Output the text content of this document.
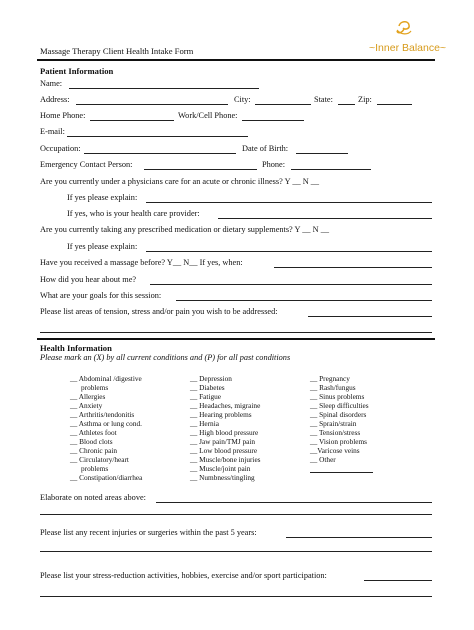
Massage Therapy Client Health Intake Form	~Inner Balance~
Patient Information
Name:
Address:	City:	State:	Zip:
Home Phone:	Work/Cell Phone:
E-mail:
Occupation:	Date of Birth:
Emergency Contact Person:	Phone:
Are you currently under a physicians care for an acute or chronic illness? Y __ N __
If yes please explain:
If yes, who is your health care provider:
Are you currently taking any prescribed medication or dietary supplements? Y __ N __
If yes please explain:
Have you received a massage before? Y__ N__ If yes, when:
How did you hear about me?
What are your goals for this session:
Please list areas of tension, stress and/or pain you wish to be addressed:
Health Information
Please mark an (X) by all current conditions and (P) for all past conditions
__ Abdominal /digestive
problems
__ Allergies
__ Anxiety
__ Arthritis/tendonitis
__ Asthma or lung cond.
__ Athletes foot
__ Blood clots
__ Chronic pain
__ Circulatory/heart
problems
__ Constipation/diarrhea
__ Depression
__ Diabetes
__ Fatigue
__ Headaches, migraine
__ Hearing problems
__ Hernia
__ High blood pressure
__ Jaw pain/TMJ pain
__ Low blood pressure
__ Muscle/bone injuries
__ Muscle/joint pain
__ Numbness/tingling
__ Pregnancy
__ Rash/fungus
__ Sinus problems
__ Sleep difficulties
__ Spinal disorders
__ Sprain/strain
__ Tension/stress
__ Vision problems
__Varicose veins
__ Other
Elaborate on noted areas above:
Please list any recent injuries or surgeries within the past 5 years:
Please list your stress-reduction activities, hobbies, exercise and/or sport participation:
